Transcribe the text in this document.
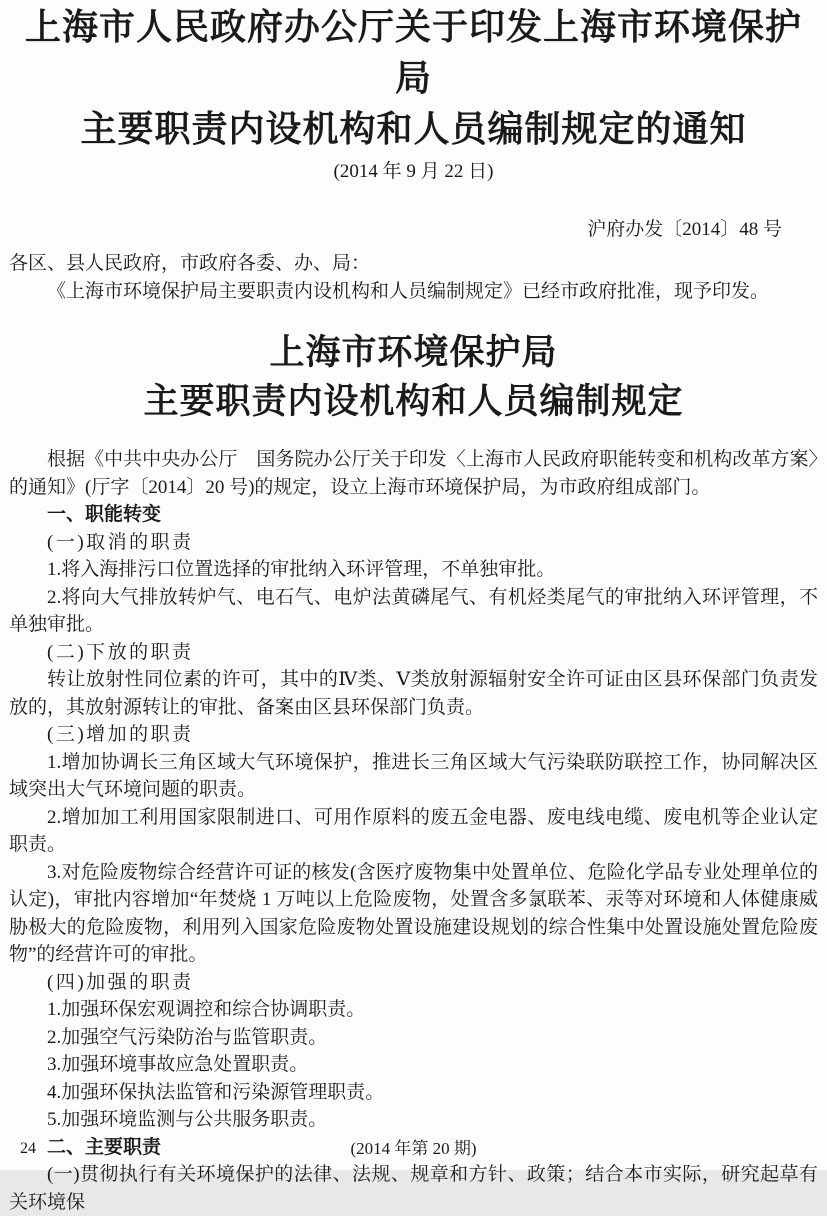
上海市人民政府办公厅关于印发上海市环境保护局
主要职责内设机构和人员编制规定的通知
(2014 年 9 月 22 日)
沪府办发〔2014〕48 号

各区、县人民政府，市政府各委、办、局：

《上海市环境保护局主要职责内设机构和人员编制规定》已经市政府批准，现予印发。

上海市环境保护局
主要职责内设机构和人员编制规定

根据《中共中央办公厅　国务院办公厅关于印发〈上海市人民政府职能转变和机构改革方案〉的通知》(厅字〔2014〕20 号)的规定，设立上海市环境保护局，为市政府组成部门。

一、职能转变

(一)取消的职责

1.将入海排污口位置选择的审批纳入环评管理，不单独审批。

2.将向大气排放转炉气、电石气、电炉法黄磷尾气、有机烃类尾气的审批纳入环评管理，不单独审批。

(二)下放的职责

转让放射性同位素的许可，其中的Ⅳ类、Ⅴ类放射源辐射安全许可证由区县环保部门负责发放的，其放射源转让的审批、备案由区县环保部门负责。

(三)增加的职责

1.增加协调长三角区域大气环境保护，推进长三角区域大气污染联防联控工作，协同解决区域突出大气环境问题的职责。

2.增加加工利用国家限制进口、可用作原料的废五金电器、废电线电缆、废电机等企业认定职责。

3.对危险废物综合经营许可证的核发(含医疗废物集中处置单位、危险化学品专业处理单位的认定)，审批内容增加“年焚烧 1 万吨以上危险废物，处置含多氯联苯、汞等对环境和人体健康威胁极大的危险废物，利用列入国家危险废物处置设施建设规划的综合性集中处置设施处置危险废物”的经营许可的审批。

(四)加强的职责

1.加强环保宏观调控和综合协调职责。

2.加强空气污染防治与监管职责。

3.加强环境事故应急处置职责。

4.加强环保执法监管和污染源管理职责。

5.加强环境监测与公共服务职责。

二、主要职责

(一)贯彻执行有关环境保护的法律、法规、规章和方针、政策；结合本市实际，研究起草有关环境保

24	(2014 年第 20 期)
